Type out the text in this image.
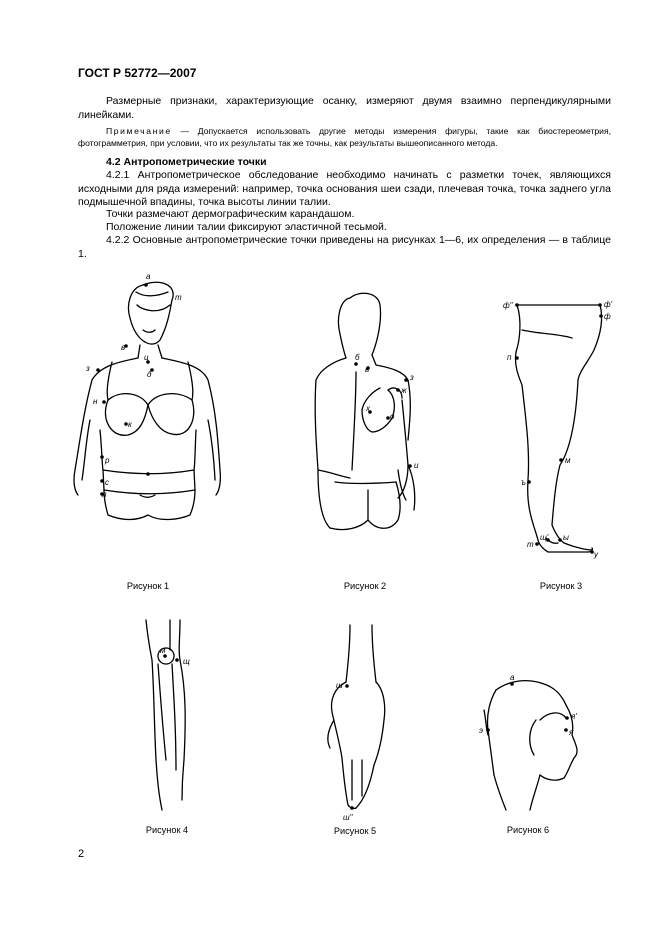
ГОСТ Р 52772—2007
Размерные признаки, характеризующие осанку, измеряют двумя взаимно перпендикулярными линейками.
Примечание — Допускается использовать другие методы измерения фигуры, такие как биостереометрия, фотограмметрия, при условии, что их результаты так же точны, как результаты вышеописанного метода.
4.2 Антропометрические точки
4.2.1 Антропометрическое обследование необходимо начинать с разметки точек, являющихся исходными для ряда измерений: например, точка основания шеи сзади, плечевая точка, точка заднего угла подмышечной впадины, точка высоты линии талии.
Точки размечают дермографическим карандашом.
Положение линии талии фиксируют эластичной тесьмой.
4.2.2 Основные антропометрические точки приведены на рисунках 1—6, их определения — в таблице 1.
а
т
в
ц
д
з
н
к
р
с
л
б
в
з
ж
х
о
и
ф"	ф'
ф
п
м
ъ
т
щ' ы
у
м
щ
ш
ш"
а
э
я'
я
Рисунок 1	Рисунок 2	Рисунок 3
Рисунок 4	Рисунок 5	Рисунок 6
2
